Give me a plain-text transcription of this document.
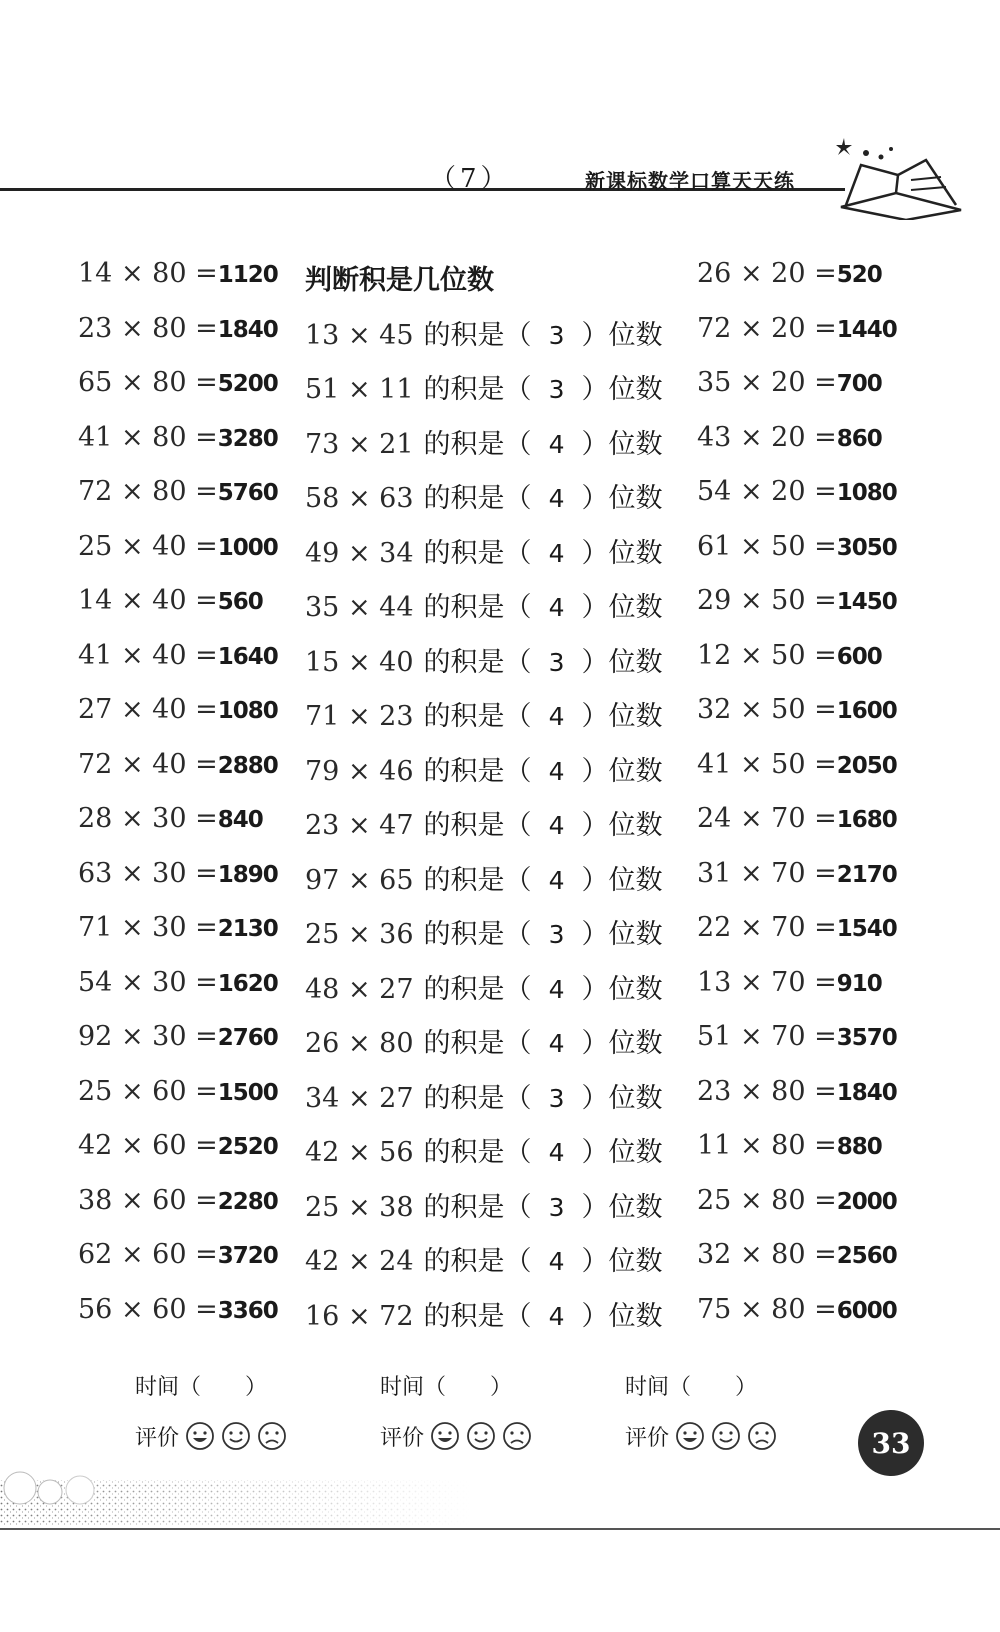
（7）	新课标数学口算天天练
14 × 80 =1120
23 × 80 =1840
65 × 80 =5200
41 × 80 =3280
72 × 80 =5760
25 × 40 =1000
14 × 40 =560
41 × 40 =1640
27 × 40 =1080
72 × 40 =2880
28 × 30 =840
63 × 30 =1890
71 × 30 =2130
54 × 30 =1620
92 × 30 =2760
25 × 60 =1500
42 × 60 =2520
38 × 60 =2280
62 × 60 =3720
56 × 60 =3360
判断积是几位数
13 × 45 的积是（ 3 ）位数
51 × 11 的积是（ 3 ）位数
73 × 21 的积是（ 4 ）位数
58 × 63 的积是（ 4 ）位数
49 × 34 的积是（ 4 ）位数
35 × 44 的积是（ 4 ）位数
15 × 40 的积是（ 3 ）位数
71 × 23 的积是（ 4 ）位数
79 × 46 的积是（ 4 ）位数
23 × 47 的积是（ 4 ）位数
97 × 65 的积是（ 4 ）位数
25 × 36 的积是（ 3 ）位数
48 × 27 的积是（ 4 ）位数
26 × 80 的积是（ 4 ）位数
34 × 27 的积是（ 3 ）位数
42 × 56 的积是（ 4 ）位数
25 × 38 的积是（ 3 ）位数
42 × 24 的积是（ 4 ）位数
16 × 72 的积是（ 4 ）位数
26 × 20 =520
72 × 20 =1440
35 × 20 =700
43 × 20 =860
54 × 20 =1080
61 × 50 =3050
29 × 50 =1450
12 × 50 =600
32 × 50 =1600
41 × 50 =2050
24 × 70 =1680
31 × 70 =2170
22 × 70 =1540
13 × 70 =910
51 × 70 =3570
23 × 80 =1840
11 × 80 =880
25 × 80 =2000
32 × 80 =2560
75 × 80 =6000
时间（　　）
评价
时间（　　）
评价
时间（　　）
评价	33
